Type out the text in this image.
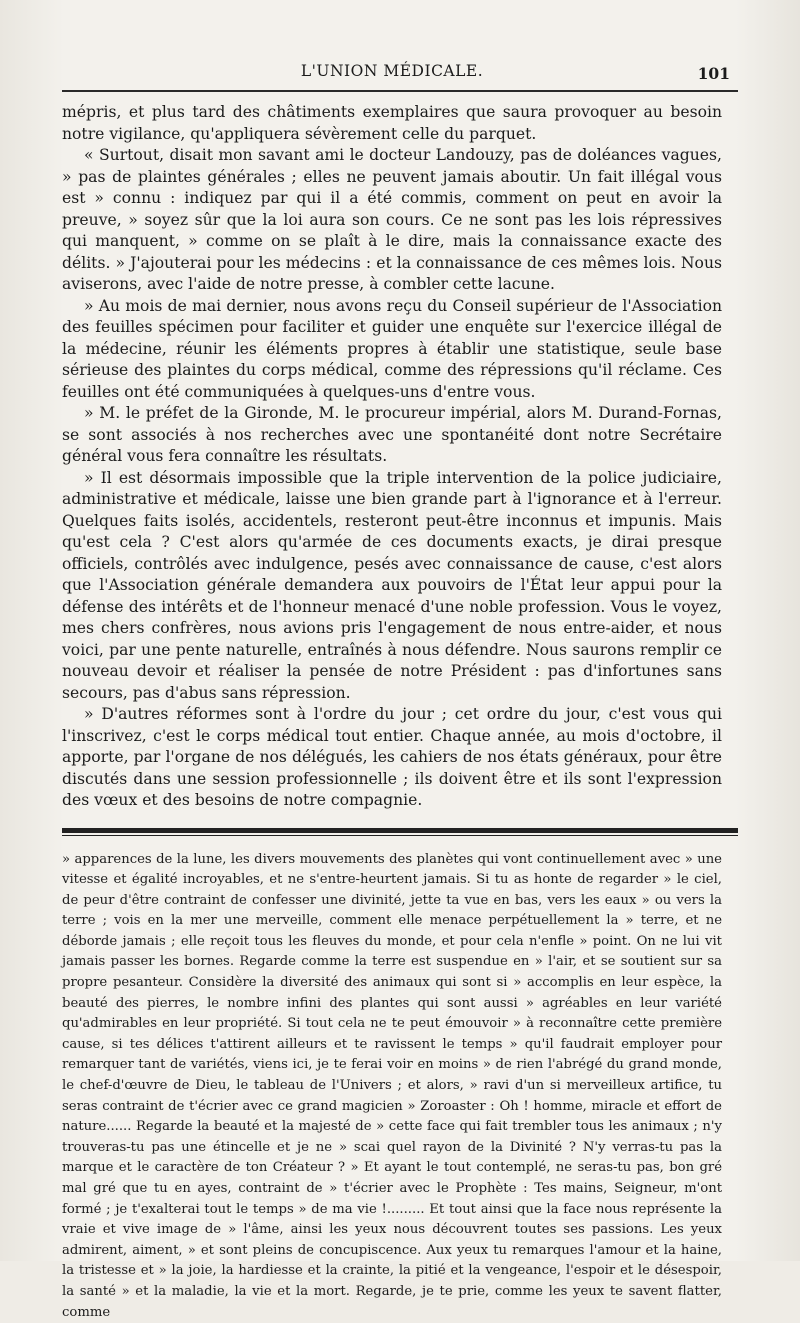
L'UNION MÉDICALE.	101

mépris, et plus tard des châtiments exemplaires que saura provoquer au besoin notre vigilance, qu'appliquera sévèrement celle du parquet.

« Surtout, disait mon savant ami le docteur Landouzy, pas de doléances vagues, » pas de plaintes générales ; elles ne peuvent jamais aboutir. Un fait illégal vous est » connu : indiquez par qui il a été commis, comment on peut en avoir la preuve, » soyez sûr que la loi aura son cours. Ce ne sont pas les lois répressives qui manquent, » comme on se plaît à le dire, mais la connaissance exacte des délits. » J'ajouterai pour les médecins : et la connaissance de ces mêmes lois. Nous aviserons, avec l'aide de notre presse, à combler cette lacune.

» Au mois de mai dernier, nous avons reçu du Conseil supérieur de l'Association des feuilles spécimen pour faciliter et guider une enquête sur l'exercice illégal de la médecine, réunir les éléments propres à établir une statistique, seule base sérieuse des plaintes du corps médical, comme des répressions qu'il réclame. Ces feuilles ont été communiquées à quelques-uns d'entre vous.

» M. le préfet de la Gironde, M. le procureur impérial, alors M. Durand-Fornas, se sont associés à nos recherches avec une spontanéité dont notre Secrétaire général vous fera connaître les résultats.

» Il est désormais impossible que la triple intervention de la police judiciaire, administrative et médicale, laisse une bien grande part à l'ignorance et à l'erreur. Quelques faits isolés, accidentels, resteront peut-être inconnus et impunis. Mais qu'est cela ? C'est alors qu'armée de ces documents exacts, je dirai presque officiels, contrôlés avec indulgence, pesés avec connaissance de cause, c'est alors que l'Association générale demandera aux pouvoirs de l'État leur appui pour la défense des intérêts et de l'honneur menacé d'une noble profession. Vous le voyez, mes chers confrères, nous avions pris l'engagement de nous entre-aider, et nous voici, par une pente naturelle, entraînés à nous défendre. Nous saurons remplir ce nouveau devoir et réaliser la pensée de notre Président : pas d'infortunes sans secours, pas d'abus sans répression.

» D'autres réformes sont à l'ordre du jour ; cet ordre du jour, c'est vous qui l'inscrivez, c'est le corps médical tout entier. Chaque année, au mois d'octobre, il apporte, par l'organe de nos délégués, les cahiers de nos états généraux, pour être discutés dans une session professionnelle ; ils doivent être et ils sont l'expression des vœux et des besoins de notre compagnie.

» apparences de la lune, les divers mouvements des planètes qui vont continuellement avec » une vitesse et égalité incroyables, et ne s'entre-heurtent jamais. Si tu as honte de regarder » le ciel, de peur d'être contraint de confesser une divinité, jette ta vue en bas, vers les eaux » ou vers la terre ; vois en la mer une merveille, comment elle menace perpétuellement la » terre, et ne déborde jamais ; elle reçoit tous les fleuves du monde, et pour cela n'enfle » point. On ne lui vit jamais passer les bornes. Regarde comme la terre est suspendue en » l'air, et se soutient sur sa propre pesanteur. Considère la diversité des animaux qui sont si » accomplis en leur espèce, la beauté des pierres, le nombre infini des plantes qui sont aussi » agréables en leur variété qu'admirables en leur propriété. Si tout cela ne te peut émouvoir » à reconnaître cette première cause, si tes délices t'attirent ailleurs et te ravissent le temps » qu'il faudrait employer pour remarquer tant de variétés, viens ici, je te ferai voir en moins » de rien l'abrégé du grand monde, le chef-d'œuvre de Dieu, le tableau de l'Univers ; et alors, » ravi d'un si merveilleux artifice, tu seras contraint de t'écrier avec ce grand magicien » Zoroaster : Oh ! homme, miracle et effort de nature...... Regarde la beauté et la majesté de » cette face qui fait trembler tous les animaux ; n'y trouveras-tu pas une étincelle et je ne » scai quel rayon de la Divinité ? N'y verras-tu pas la marque et le caractère de ton Créateur ? » Et ayant le tout contemplé, ne seras-tu pas, bon gré mal gré que tu en ayes, contraint de » t'écrier avec le Prophète : Tes mains, Seigneur, m'ont formé ; je t'exalterai tout le temps » de ma vie !......... Et tout ainsi que la face nous représente la vraie et vive image de » l'âme, ainsi les yeux nous découvrent toutes ses passions. Les yeux admirent, aiment, » et sont pleins de concupiscence. Aux yeux tu remarques l'amour et la haine, la tristesse et » la joie, la hardiesse et la crainte, la pitié et la vengeance, l'espoir et le désespoir, la santé » et la maladie, la vie et la mort. Regarde, je te prie, comme les yeux te savent flatter, comme
